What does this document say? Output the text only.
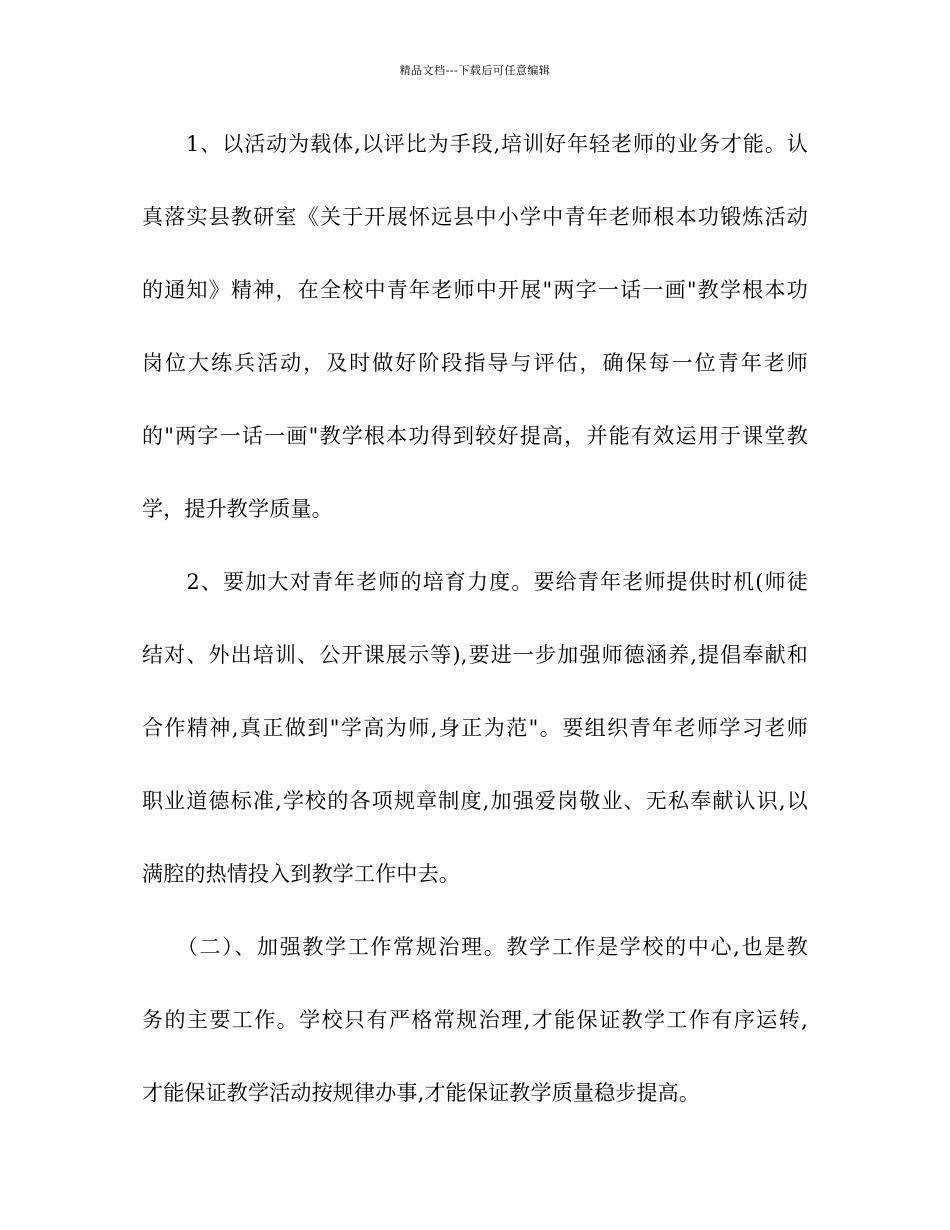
精品文档---下载后可任意编辑
　　1、以活动为载体,以评比为手段,培训好年轻老师的业务才能。认
真落实县教研室《关于开展怀远县中小学中青年老师根本功锻炼活动
的通知》精神，在全校中青年老师中开展"两字一话一画"教学根本功
岗位大练兵活动，及时做好阶段指导与评估，确保每一位青年老师
的"两字一话一画"教学根本功得到较好提高，并能有效运用于课堂教
学，提升教学质量。
　　2、要加大对青年老师的培育力度。要给青年老师提供时机(师徒
结对、外出培训、公开课展示等),要进一步加强师德涵养,提倡奉献和
合作精神,真正做到"学高为师,身正为范"。要组织青年老师学习老师
职业道德标准,学校的各项规章制度,加强爱岗敬业、无私奉献认识,以
满腔的热情投入到教学工作中去。
　　（二）、加强教学工作常规治理。教学工作是学校的中心,也是教
务的主要工作。学校只有严格常规治理,才能保证教学工作有序运转,
才能保证教学活动按规律办事,才能保证教学质量稳步提高。
